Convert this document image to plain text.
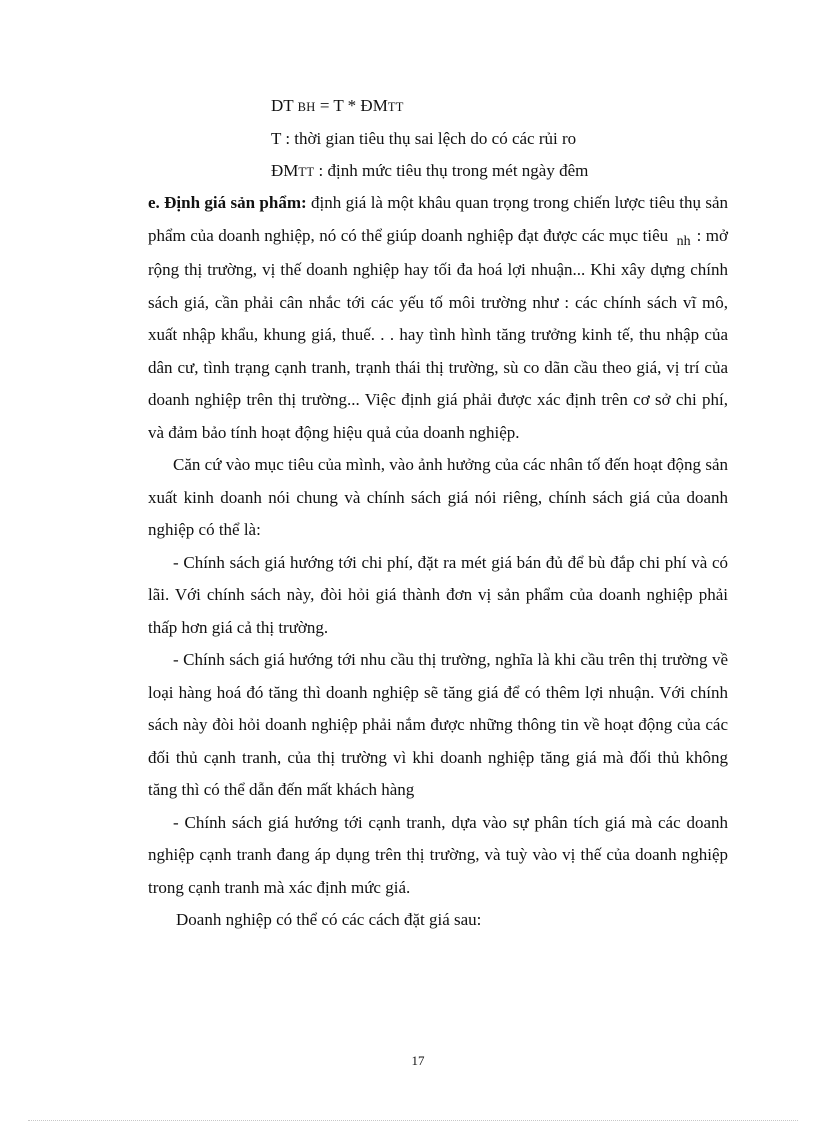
DT BH = T * ĐMTT
T : thời gian tiêu thụ sai lệch do có các rủi ro
ĐMTT : định mức tiêu thụ trong mét ngày đêm

e. Định giá sản phẩm: định giá là một khâu quan trọng trong chiến lược tiêu thụ sản phẩm của doanh nghiệp, nó có thể giúp doanh nghiệp đạt được các mục tiêu $_{nh}$ : mở rộng thị trường, vị thế doanh nghiệp hay tối đa hoá lợi nhuận... Khi xây dựng chính sách giá, cần phải cân nhắc tới các yếu tố môi trường như : các chính sách vĩ mô, xuất nhập khẩu, khung giá, thuế. . . hay tình hình tăng trưởng kinh tế, thu nhập của dân cư, tình trạng cạnh tranh, trạnh thái thị trường, sù co dãn cầu theo giá, vị trí của doanh nghiệp trên thị trường... Việc định giá phải được xác định trên cơ sở chi phí, và đảm bảo tính hoạt động hiệu quả của doanh nghiệp.

Căn cứ vào mục tiêu của mình, vào ảnh hưởng của các nhân tố đến hoạt động sản xuất kinh doanh nói chung và chính sách giá nói riêng, chính sách giá của doanh nghiệp có thể là:

- Chính sách giá hướng tới chi phí, đặt ra mét giá bán đủ để bù đắp chi phí và có lãi. Với chính sách này, đòi hỏi giá thành đơn vị sản phẩm của doanh nghiệp phải thấp hơn giá cả thị trường.

- Chính sách giá hướng tới nhu cầu thị trường, nghĩa là khi cầu trên thị trường về loại hàng hoá đó tăng thì doanh nghiệp sẽ tăng giá để có thêm lợi nhuận. Với chính sách này đòi hỏi doanh nghiệp phải nắm được những thông tin về hoạt động của các đối thủ cạnh tranh, của thị trường vì khi doanh nghiệp tăng giá mà đối thủ không tăng thì có thể dẫn đến mất khách hàng

- Chính sách giá hướng tới cạnh tranh, dựa vào sự phân tích giá mà các doanh nghiệp cạnh tranh đang áp dụng trên thị trường, và tuỳ vào vị thế của doanh nghiệp trong cạnh tranh mà xác định mức giá.

Doanh nghiệp có thể có các cách đặt giá sau:

17
